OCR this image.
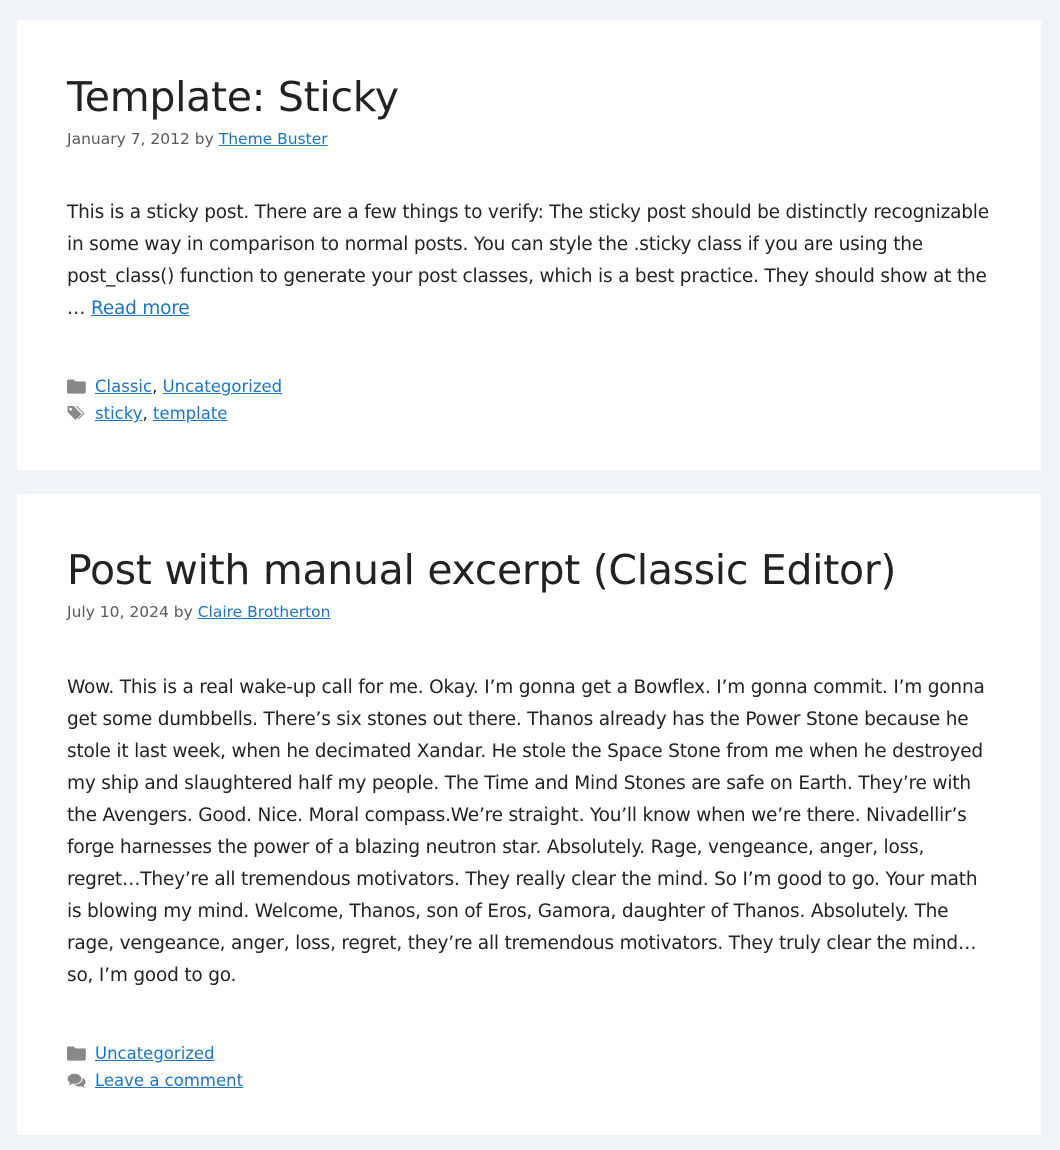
Template: Sticky
January 7, 2012 by Theme Buster

This is a sticky post. There are a few things to verify: The sticky post should be distinctly recognizable in some way in comparison to normal posts. You can style the .sticky class if you are using the post_class() function to generate your post classes, which is a best practice. They should show at the … Read more

Classic ,
Uncategorized
sticky ,
template
Post with manual excerpt (Classic Editor)
July 10, 2024 by Claire Brotherton

Wow. This is a real wake-up call for me. Okay. I’m gonna get a Bowflex. I’m gonna commit. I’m gonna get some dumbbells. There’s six stones out there. Thanos already has the Power Stone because he stole it last week, when he decimated Xandar. He stole the Space Stone from me when he destroyed my ship and slaughtered half my people. The Time and Mind Stones are safe on Earth. They’re with the Avengers. Good. Nice. Moral compass.We’re straight. You’ll know when we’re there. Nivadellir’s forge harnesses the power of a blazing neutron star. Absolutely. Rage, vengeance, anger, loss, regret…They’re all tremendous motivators. They really clear the mind. So I’m good to go. Your math is blowing my mind. Welcome, Thanos, son of Eros, Gamora, daughter of Thanos. Absolutely. The rage, vengeance, anger, loss, regret, they’re all tremendous motivators. They truly clear the mind… so, I’m good to go.

Uncategorized
Leave a comment
